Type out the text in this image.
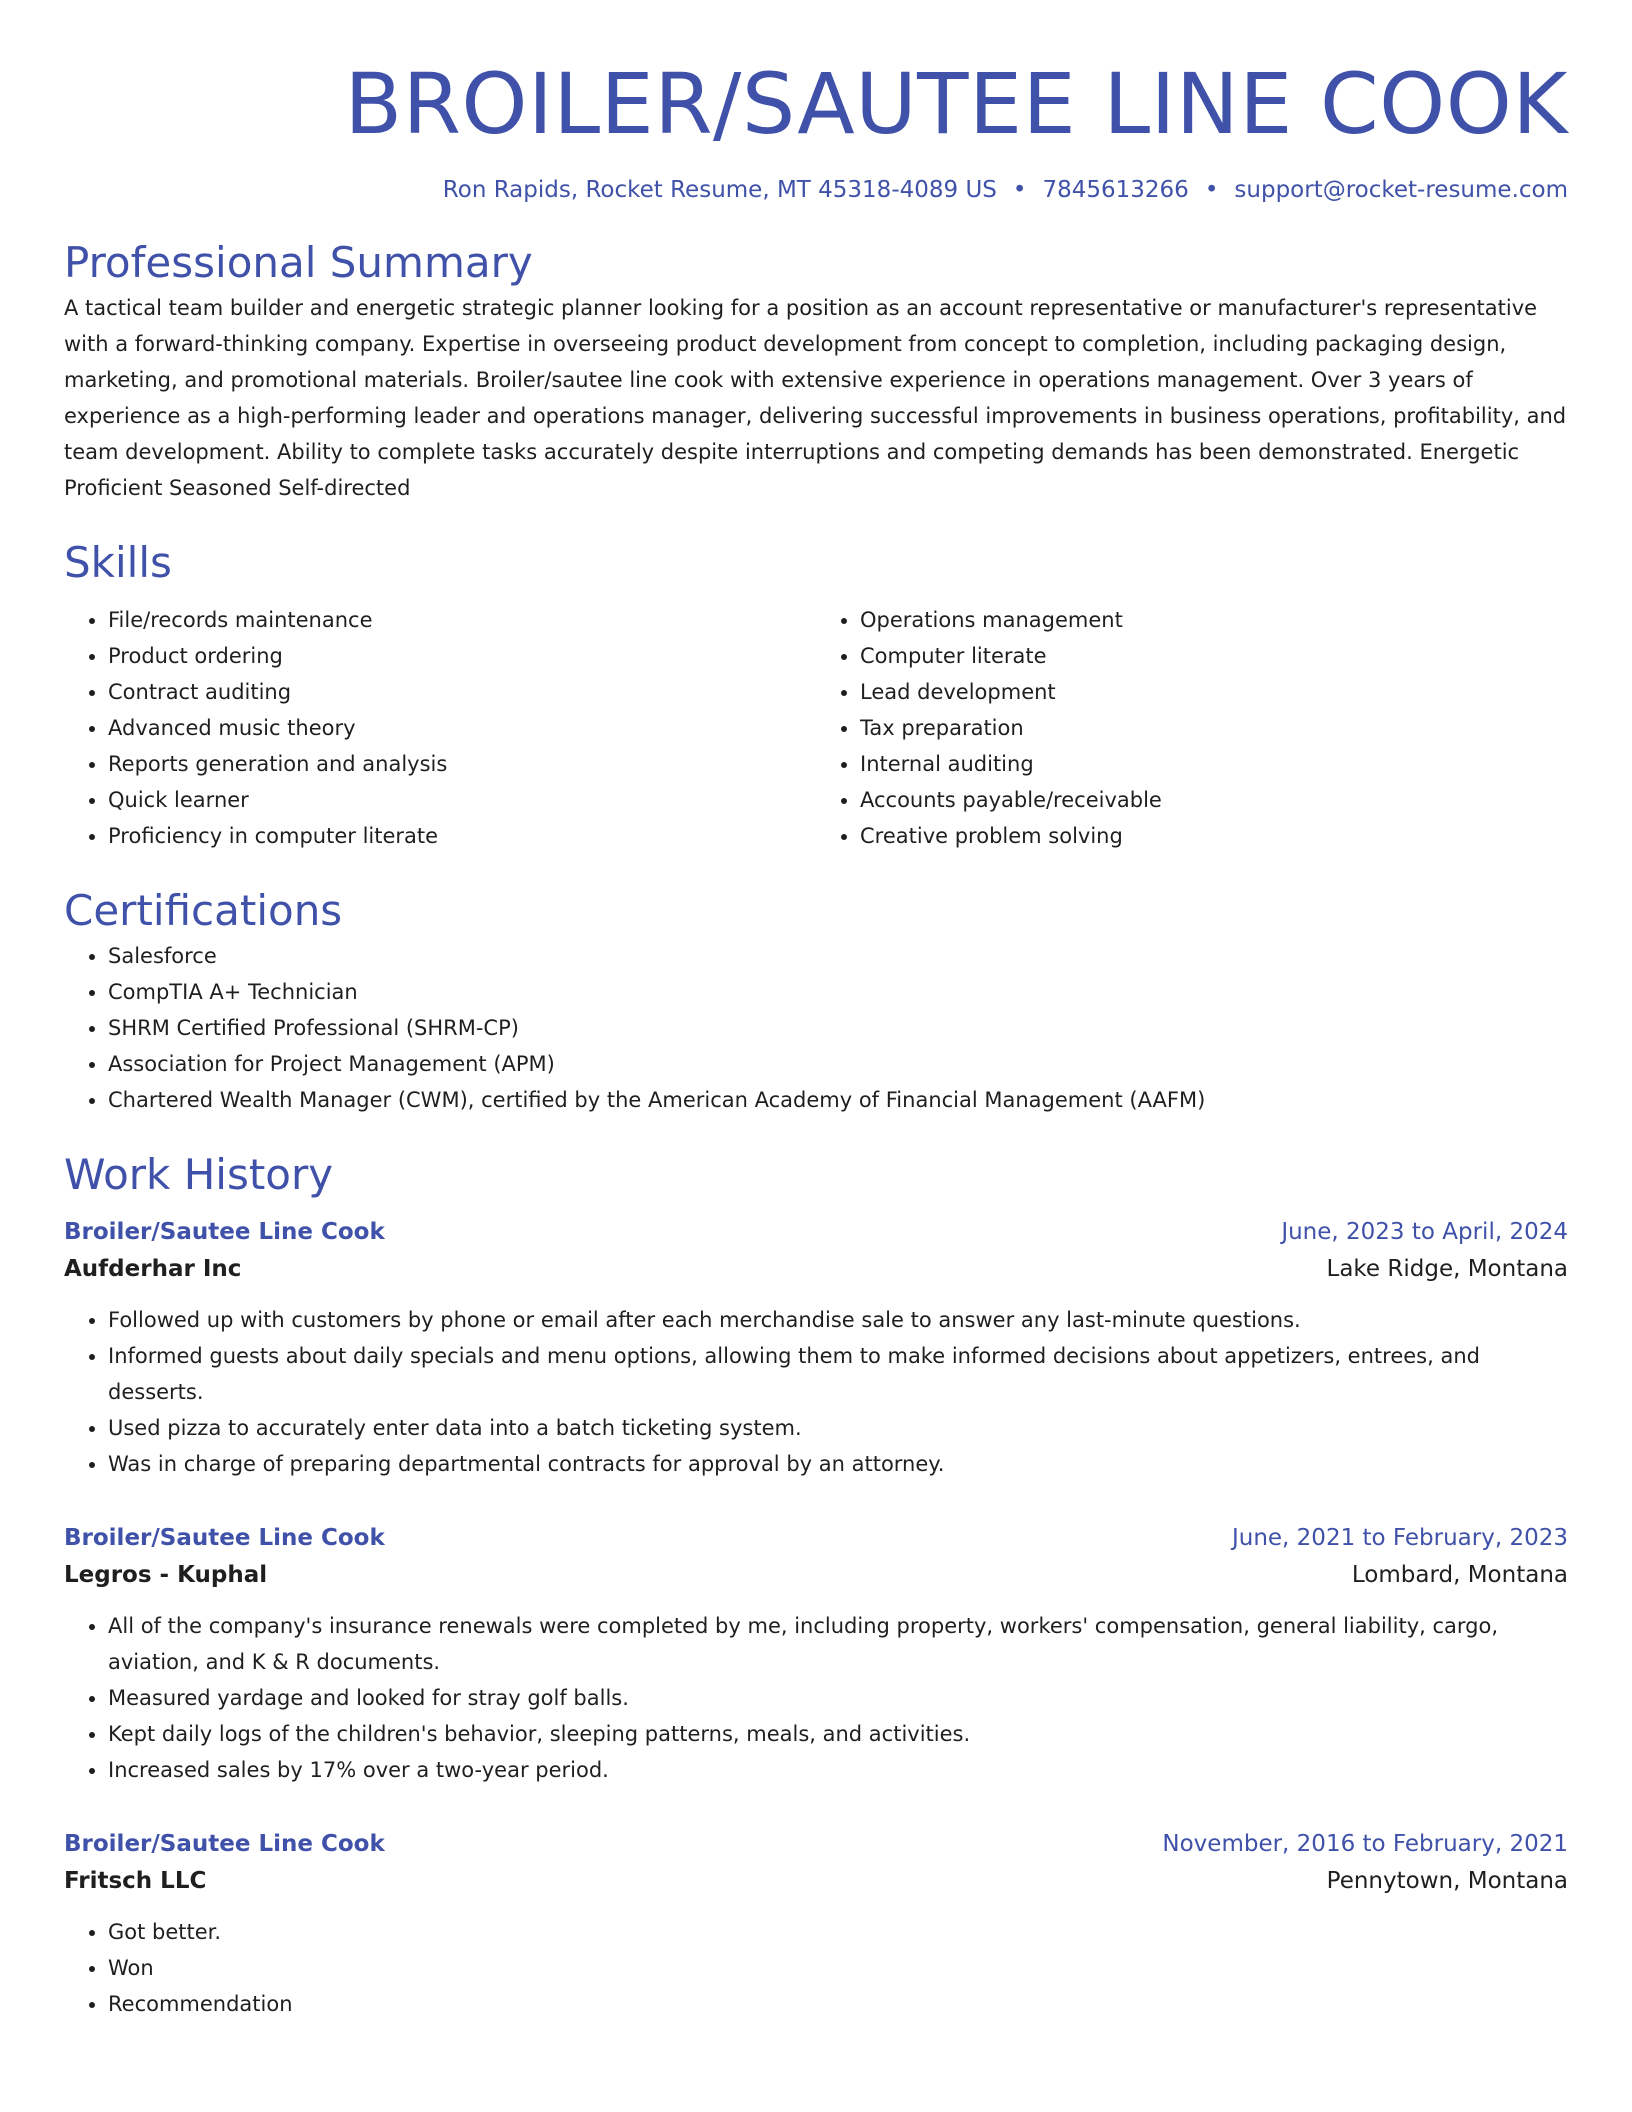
BROILER/SAUTEE LINE COOK
Ron Rapids, Rocket Resume, MT 45318-4089 US • 7845613266 • support@rocket-resume.com
Professional Summary

A tactical team builder and energetic strategic planner looking for a position as an account representative or manufacturer's representative with a forward-thinking company. Expertise in overseeing product development from concept to completion, including packaging design, marketing, and promotional materials. Broiler/sautee line cook with extensive experience in operations management. Over 3 years of experience as a high-performing leader and operations manager, delivering successful improvements in business operations, profitability, and team development. Ability to complete tasks accurately despite interruptions and competing demands has been demonstrated. Energetic Proficient Seasoned Self-directed

Skills
• File/records maintenance
• Product ordering
• Contract auditing
• Advanced music theory
• Reports generation and analysis
• Quick learner
• Proficiency in computer literate
• Operations management
• Computer literate
• Lead development
• Tax preparation
• Internal auditing
• Accounts payable/receivable
• Creative problem solving
Certifications
• Salesforce
• CompTIA A+ Technician
• SHRM Certified Professional (SHRM-CP)
• Association for Project Management (APM)
• Chartered Wealth Manager (CWM), certified by the American Academy of Financial Management (AAFM)
Work History
Broiler/Sautee Line Cook	June, 2023 to April, 2024
Aufderhar Inc	Lake Ridge, Montana
• Followed up with customers by phone or email after each merchandise sale to answer any last-minute questions.
• Informed guests about daily specials and menu options, allowing them to make informed decisions about appetizers, entrees, and desserts.
• Used pizza to accurately enter data into a batch ticketing system.
• Was in charge of preparing departmental contracts for approval by an attorney.
Broiler/Sautee Line Cook	June, 2021 to February, 2023
Legros - Kuphal	Lombard, Montana
• All of the company's insurance renewals were completed by me, including property, workers' compensation, general liability, cargo, aviation, and K & R documents.
• Measured yardage and looked for stray golf balls.
• Kept daily logs of the children's behavior, sleeping patterns, meals, and activities.
• Increased sales by 17% over a two-year period.
Broiler/Sautee Line Cook	November, 2016 to February, 2021
Fritsch LLC	Pennytown, Montana
• Got better.
• Won
• Recommendation
